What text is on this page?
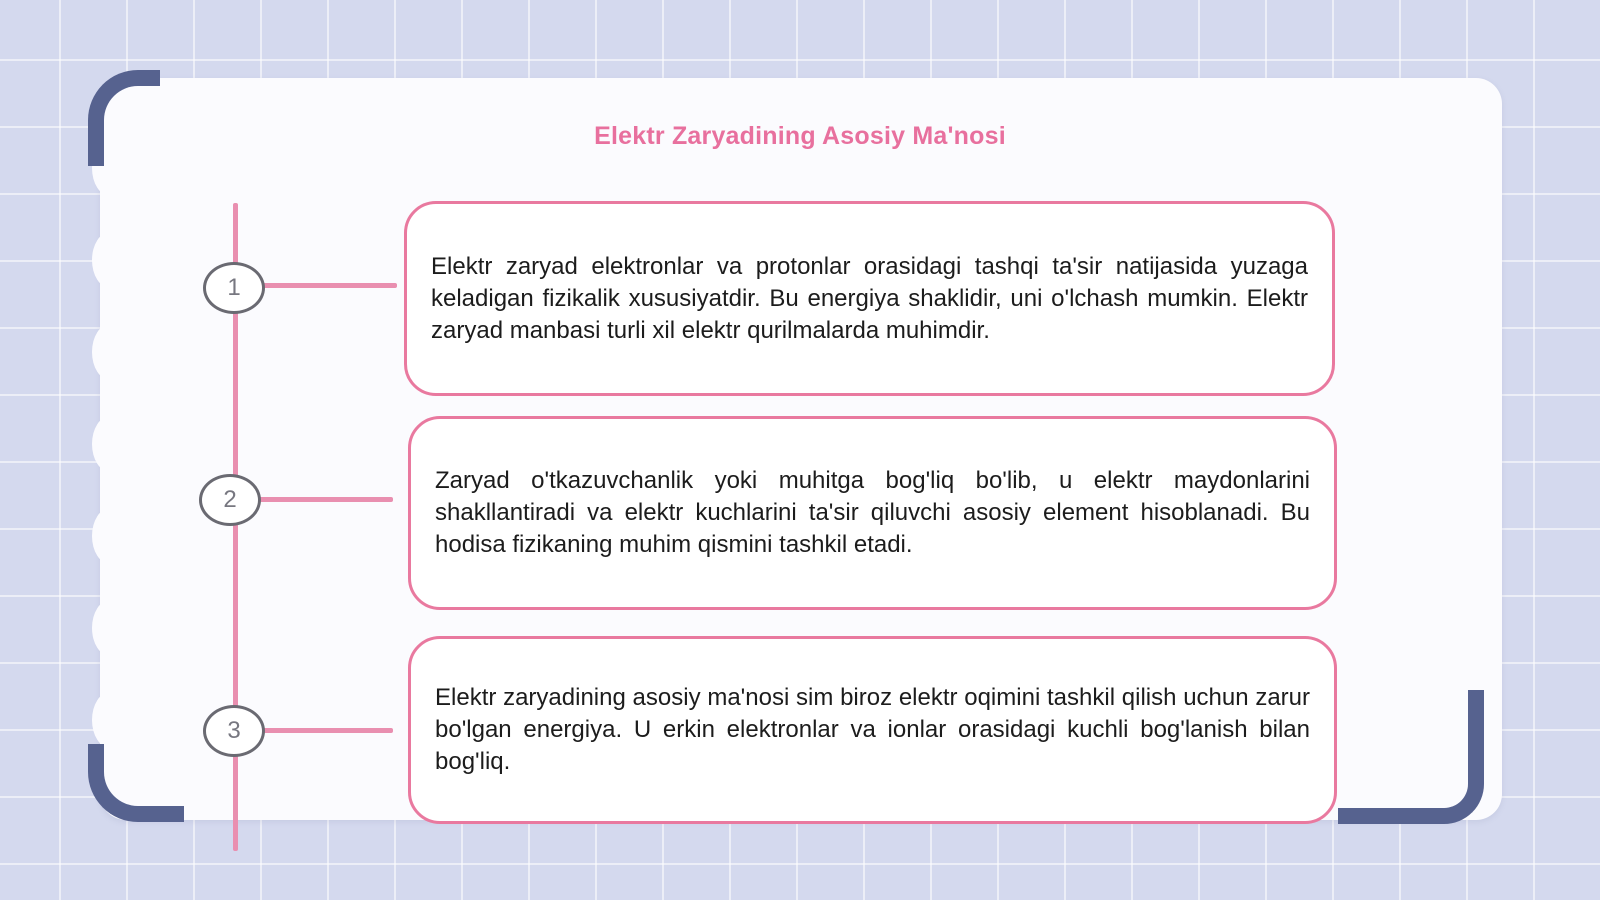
Elektr Zaryadining Asosiy Ma'nosi
1

Elektr zaryad elektronlar va protonlar orasidagi tashqi ta'sir natijasida yuzaga keladigan fizikalik xususiyatdir. Bu energiya shaklidir, uni o'lchash mumkin. Elektr zaryad manbasi turli xil elektr qurilmalarda muhimdir.

2

Zaryad o'tkazuvchanlik yoki muhitga bog'liq bo'lib, u elektr maydonlarini shakllantiradi va elektr kuchlarini ta'sir qiluvchi asosiy element hisoblanadi. Bu hodisa fizikaning muhim qismini tashkil etadi.

3

Elektr zaryadining asosiy ma'nosi sim biroz elektr oqimini tashkil qilish uchun zarur bo'lgan energiya. U erkin elektronlar va ionlar orasidagi kuchli bog'lanish bilan bog'liq.
